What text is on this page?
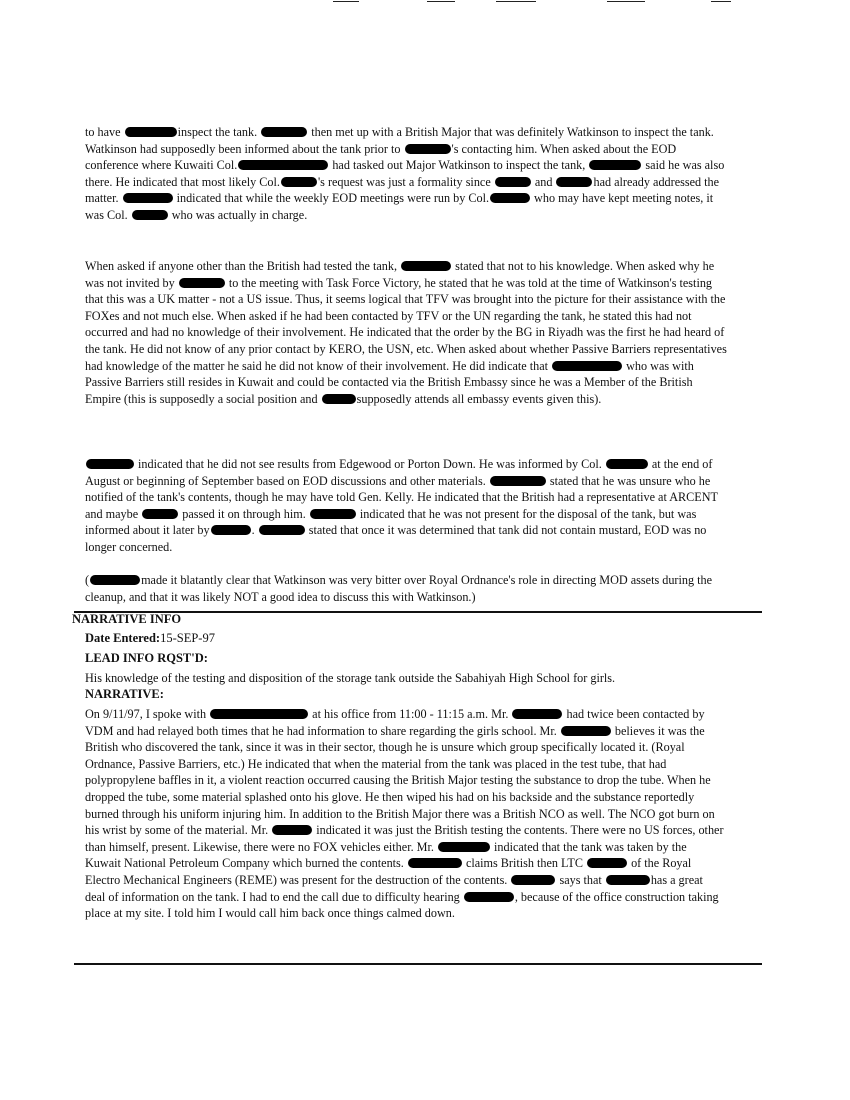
to have	inspect the tank.	then met up with a British Major that was definitely Watkinson to inspect the tank. Watkinson had supposedly been informed about the tank prior to	's contacting him. When asked about the EOD conference where Kuwaiti Col.	had tasked out Major Watkinson to inspect the tank,	said he was also there. He indicated that most likely Col.	's request was just a formality since	and	had already addressed the matter.	indicated that while the weekly EOD meetings were run by Col.	who may have kept meeting notes, it was Col.	who was actually in charge.

When asked if anyone other than the British had tested the tank,	stated that not to his knowledge. When asked why he was not invited by	to the meeting with Task Force Victory, he stated that he was told at the time of Watkinson's testing that this was a UK matter - not a US issue. Thus, it seems logical that TFV was brought into the picture for their assistance with the FOXes and not much else. When asked if he had been contacted by TFV or the UN regarding the tank, he stated this had not occurred and had no knowledge of their involvement. He indicated that the order by the BG in Riyadh was the first he had heard of the tank. He did not know of any prior contact by KERO, the USN, etc. When asked about whether Passive Barriers representatives had knowledge of the matter he said he did not know of their involvement. He did indicate that	who was with Passive Barriers still resides in Kuwait and could be contacted via the British Embassy since he was a Member of the British Empire (this is supposedly a social position and	supposedly attends all embassy events given this).

indicated that he did not see results from Edgewood or Porton Down. He was informed by Col.	at the end of August or beginning of September based on EOD discussions and other materials.	stated that he was unsure who he notified of the tank's contents, though he may have told Gen. Kelly. He indicated that the British had a representative at ARCENT and maybe	passed it on through him.	indicated that he was not present for the disposal of the tank, but was informed about it later by	.	stated that once it was determined that tank did not contain mustard, EOD was no longer concerned.

(	made it blatantly clear that Watkinson was very bitter over Royal Ordnance's role in directing MOD assets during the cleanup, and that it was likely NOT a good idea to discuss this with Watkinson.)

NARRATIVE INFO
Date Entered:15-SEP-97
LEAD INFO RQST'D:
His knowledge of the testing and disposition of the storage tank outside the Sabahiyah High School for girls.
NARRATIVE:

On 9/11/97, I spoke with	at his office from 11:00 - 11:15 a.m. Mr.	had twice been contacted by VDM and had relayed both times that he had information to share regarding the girls school. Mr.	believes it was the British who discovered the tank, since it was in their sector, though he is unsure which group specifically located it. (Royal Ordnance, Passive Barriers, etc.) He indicated that when the material from the tank was placed in the test tube, that had polypropylene baffles in it, a violent reaction occurred causing the British Major testing the substance to drop the tube. When he dropped the tube, some material splashed onto his glove. He then wiped his had on his backside and the substance reportedly burned through his uniform injuring him. In addition to the British Major there was a British NCO as well. The NCO got burn on his wrist by some of the material. Mr.	indicated it was just the British testing the contents. There were no US forces, other than himself, present. Likewise, there were no FOX vehicles either. Mr.	indicated that the tank was taken by the Kuwait National Petroleum Company which burned the contents.	claims British then LTC	of the Royal Electro Mechanical Engineers (REME) was present for the destruction of the contents.	says that	has a great deal of information on the tank. I had to end the call due to difficulty hearing	, because of the office construction taking place at my site. I told him I would call him back once things calmed down.
